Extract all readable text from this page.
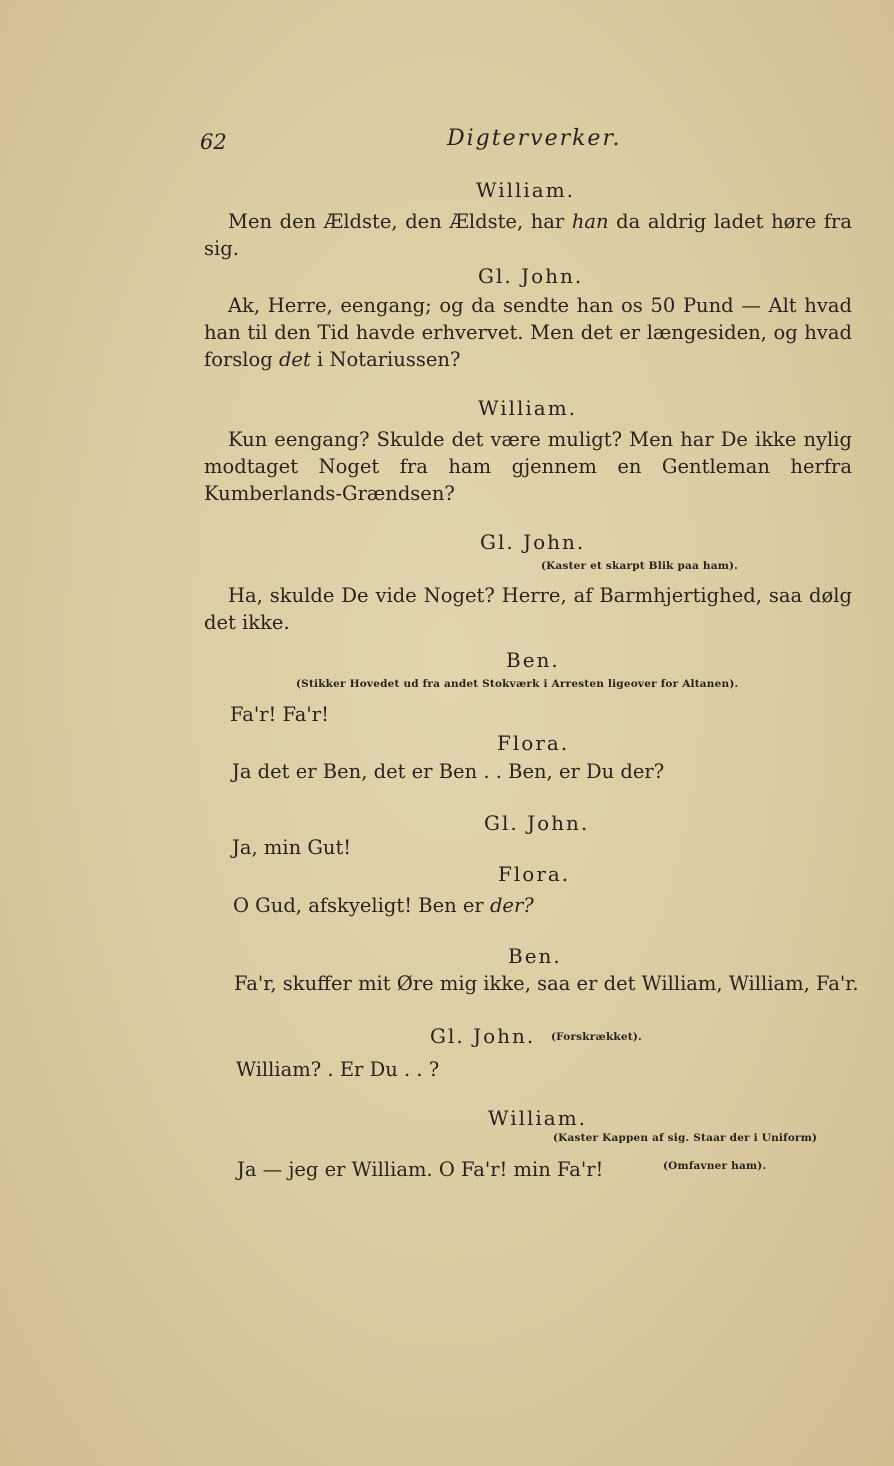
62	Digterverker.
William.
Men den Ældste, den Ældste, har han da aldrig ladet høre fra sig.
Gl. John.
Ak, Herre, eengang; og da sendte han os 50 Pund — Alt hvad han til den Tid havde erhvervet. Men det er længesiden, og hvad forslog det i Notariussen?
William.
Kun eengang? Skulde det være muligt? Men har De ikke nylig modtaget Noget fra ham gjennem en Gentleman herfra Kumberlands-Grændsen?
Gl. John.
(Kaster et skarpt Blik paa ham).
Ha, skulde De vide Noget? Herre, af Barmhjertighed, saa dølg det ikke.
Ben.
(Stikker Hovedet ud fra andet Stokværk i Arresten ligeover for Altanen).
Fa'r! Fa'r!
Flora.
Ja det er Ben, det er Ben . . Ben, er Du der?
Gl. John.
Ja, min Gut!
Flora.
O Gud, afskyeligt! Ben er der?
Ben.
Fa'r, skuffer mit Øre mig ikke, saa er det William, William, Fa'r.
Gl. John. (Forskrækket).
William? . Er Du . . ?
William.
(Kaster Kappen af sig. Staar der i Uniform)
Ja — jeg er William. O Fa'r! min Fa'r!	(Omfavner ham).
